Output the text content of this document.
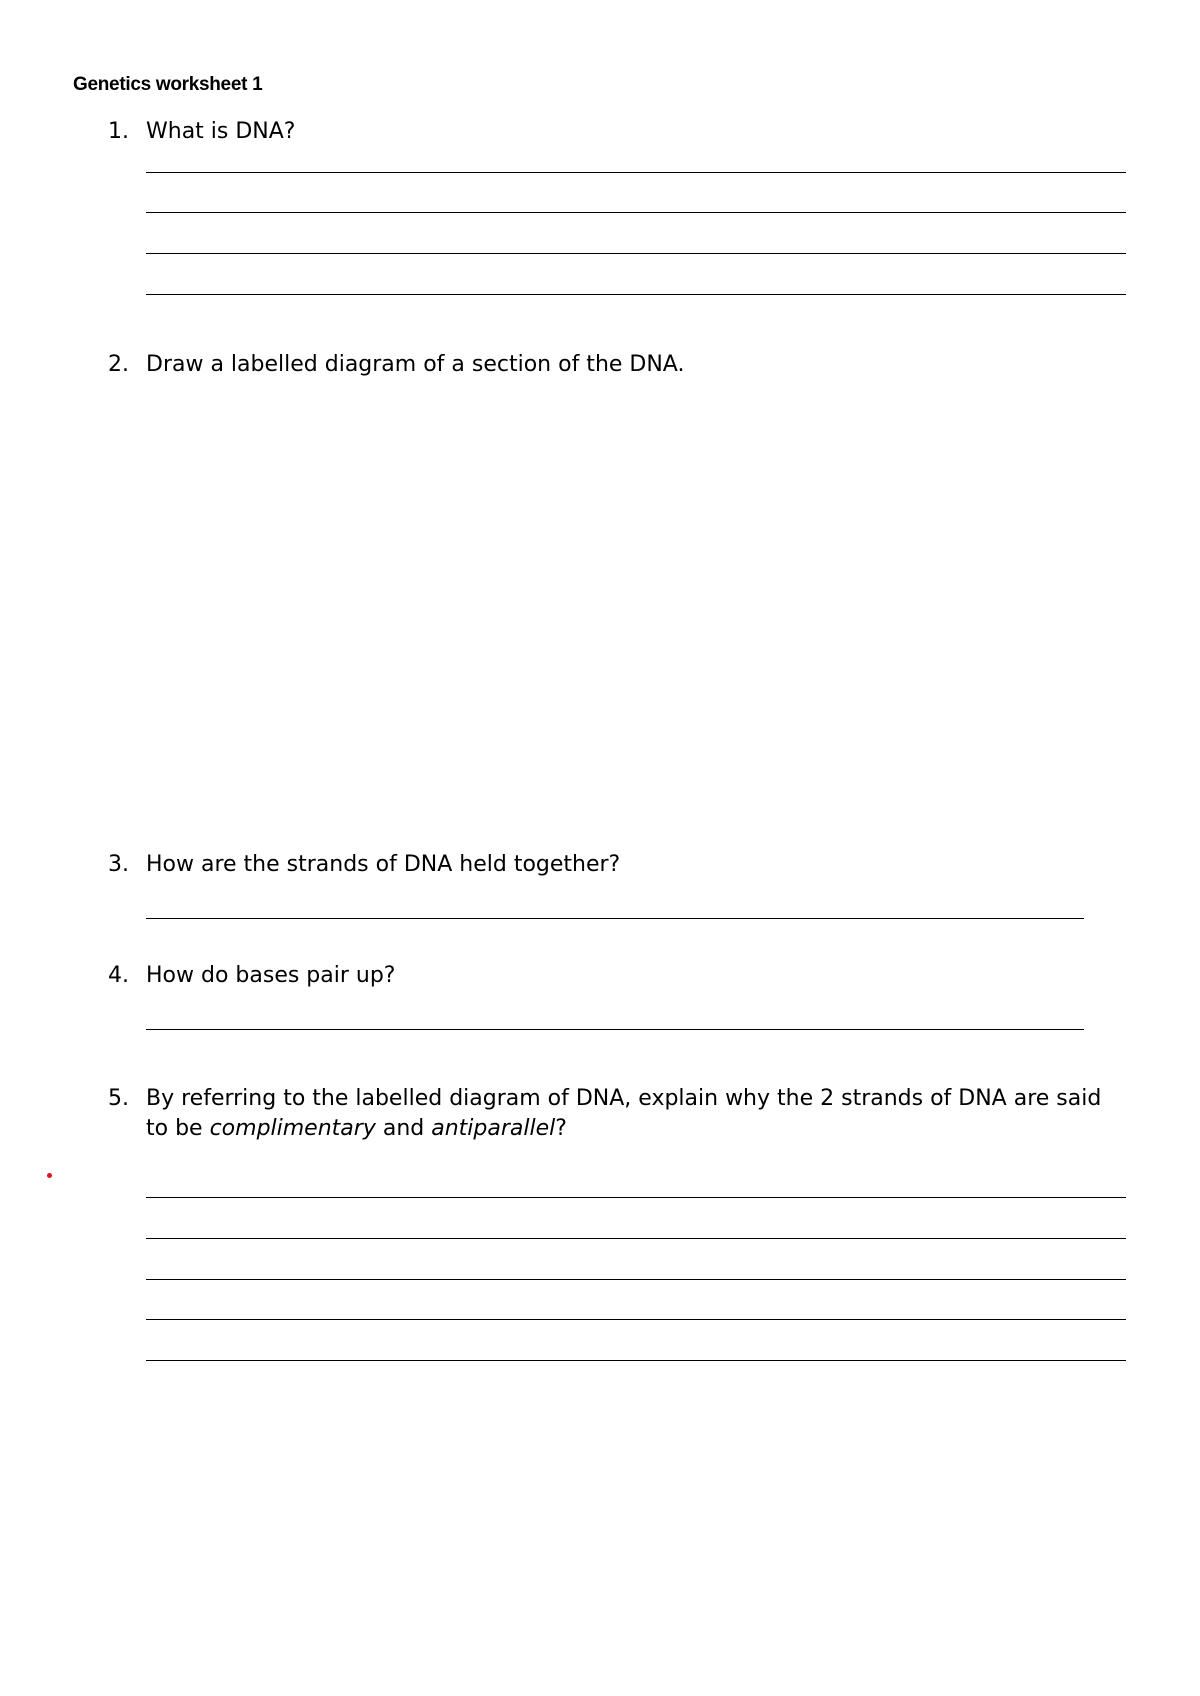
Genetics worksheet 1
1. What is DNA?
2. Draw a labelled diagram of a section of the DNA.
3. How are the strands of DNA held together?
4. How do bases pair up?
5. By referring to the labelled diagram of DNA, explain why the 2 strands of DNA are said
to be complimentary and antiparallel?
